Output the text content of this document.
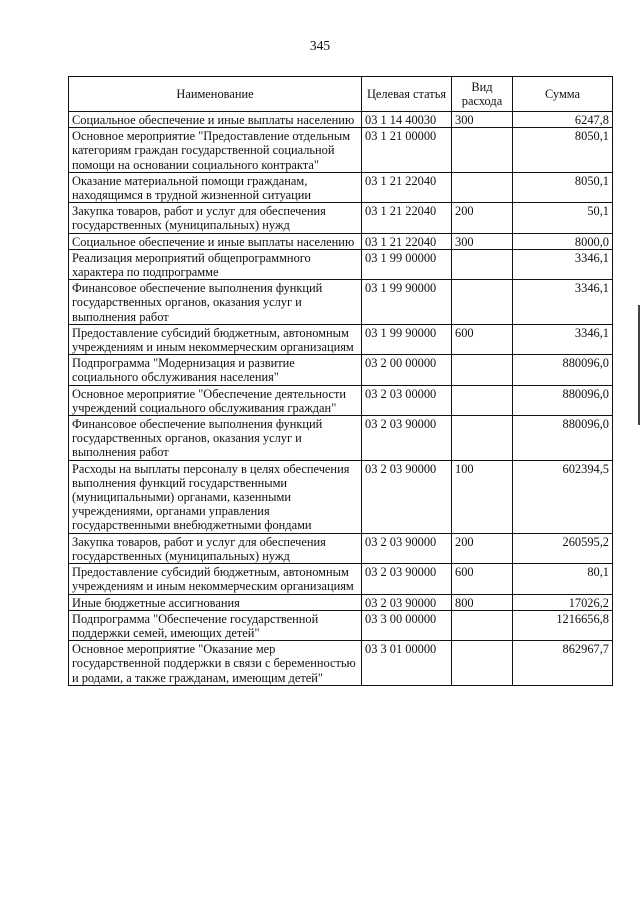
345
Наименование	Целевая статья	Вид расхода	Сумма
Социальное обеспечение и иные выплаты населению	03 1 14 40030	300	6247,8
Основное мероприятие "Предоставление отдельным категориям граждан государственной социальной помощи на основании социального контракта"	03 1 21 00000		8050,1
Оказание материальной помощи гражданам, находящимся в трудной жизненной ситуации	03 1 21 22040		8050,1
Закупка товаров, работ и услуг для обеспечения государственных (муниципальных) нужд	03 1 21 22040	200	50,1
Социальное обеспечение и иные выплаты населению	03 1 21 22040	300	8000,0
Реализация мероприятий общепрограммного характера по подпрограмме	03 1 99 00000		3346,1
Финансовое обеспечение выполнения функций государственных органов, оказания услуг и выполнения работ	03 1 99 90000		3346,1
Предоставление субсидий бюджетным, автономным учреждениям и иным некоммерческим организациям	03 1 99 90000	600	3346,1
Подпрограмма "Модернизация и развитие социального обслуживания населения"	03 2 00 00000		880096,0
Основное мероприятие "Обеспечение деятельности учреждений социального обслуживания граждан"	03 2 03 00000		880096,0
Финансовое обеспечение выполнения функций государственных органов, оказания услуг и выполнения работ	03 2 03 90000		880096,0
Расходы на выплаты персоналу в целях обеспечения выполнения функций государственными (муниципальными) органами, казенными учреждениями, органами управления государственными внебюджетными фондами	03 2 03 90000	100	602394,5
Закупка товаров, работ и услуг для обеспечения государственных (муниципальных) нужд	03 2 03 90000	200	260595,2
Предоставление субсидий бюджетным, автономным учреждениям и иным некоммерческим организациям	03 2 03 90000	600	80,1
Иные бюджетные ассигнования	03 2 03 90000	800	17026,2
Подпрограмма "Обеспечение государственной поддержки семей, имеющих детей"	03 3 00 00000		1216656,8
Основное мероприятие "Оказание мер государственной поддержки в связи с беременностью и родами, а также гражданам, имеющим детей"	03 3 01 00000		862967,7
